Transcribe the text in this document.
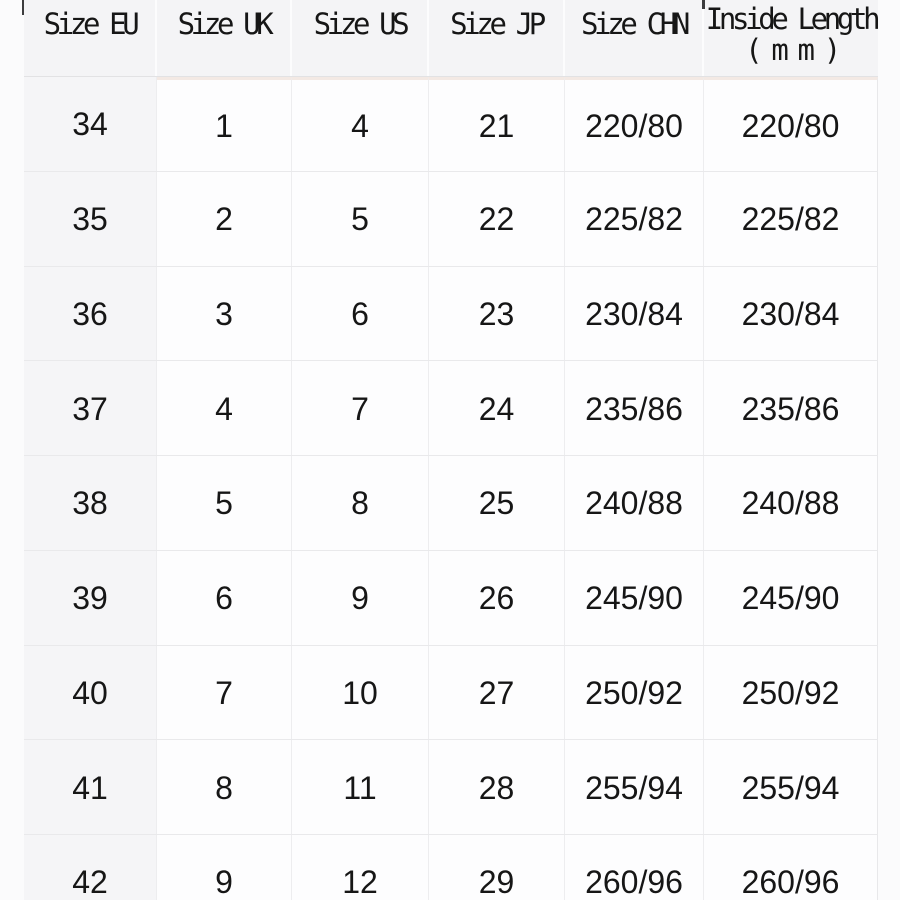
Size EU Size UK Size US Size JP Size CHN Inside Length
( m m )
34	1	4	21	220/80	220/80
35	2	5	22	225/82	225/82
36	3	6	23	230/84	230/84
37	4	7	24	235/86	235/86
38	5	8	25	240/88	240/88
39	6	9	26	245/90	245/90
40	7	10	27	250/92	250/92
41	8	11	28	255/94	255/94
42	9	12	29	260/96	260/96
